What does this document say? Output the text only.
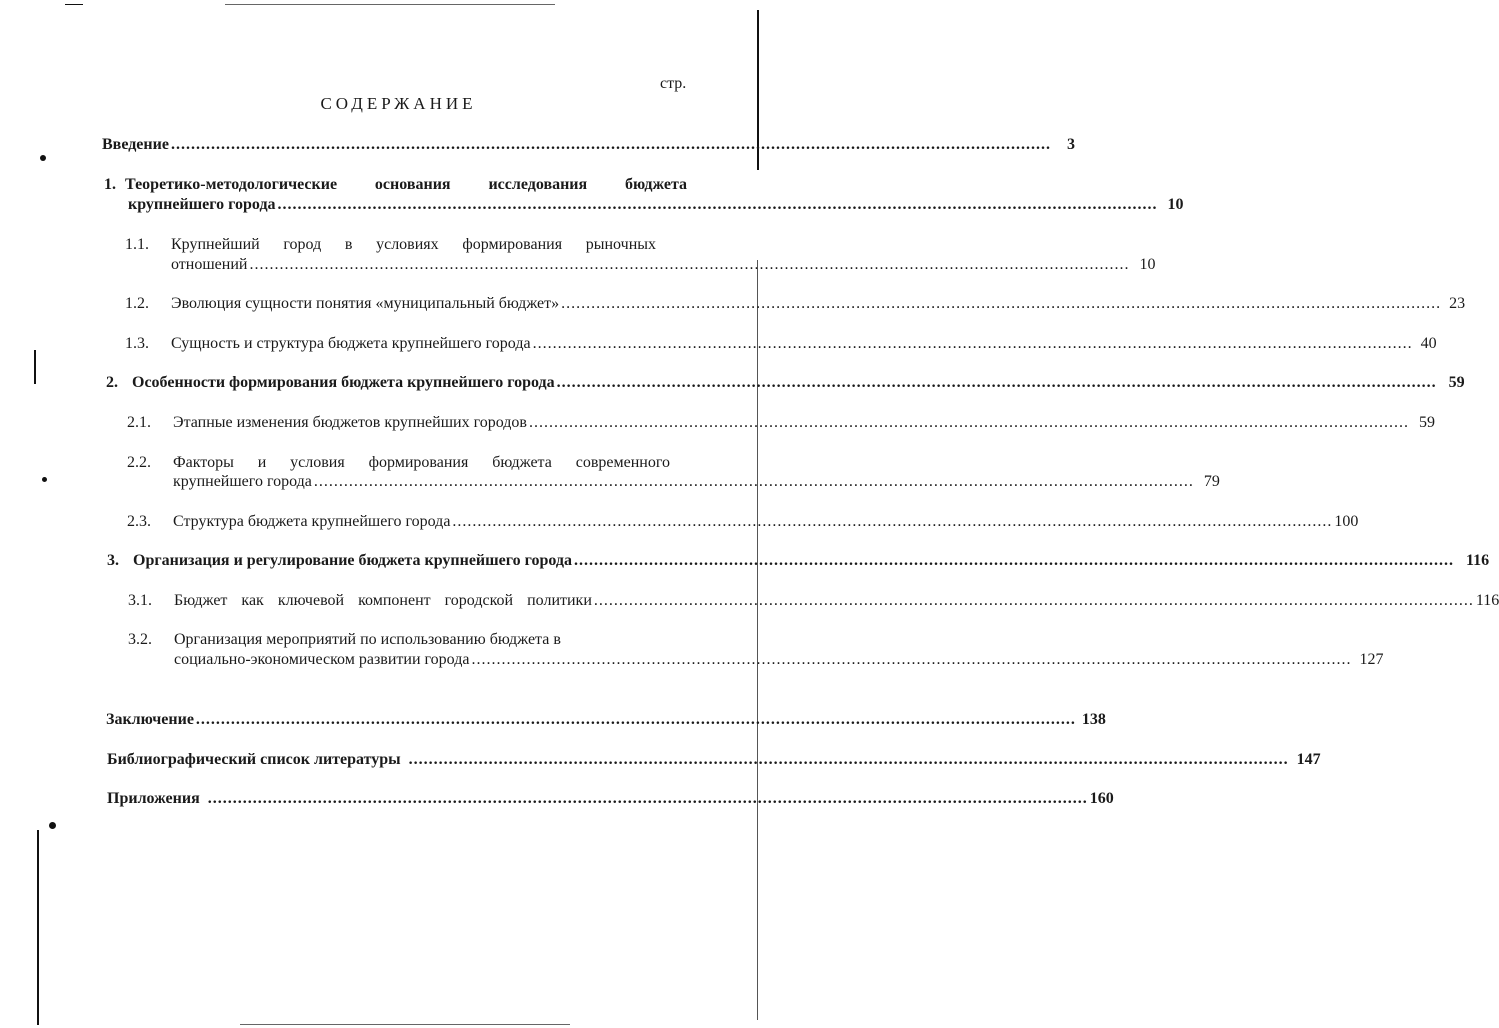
стр.
СОДЕРЖАНИЕ
Введение ................................................................................................................................................................................ 3
1. Теоретико-методологические основания исследования бюджета
крупнейшего города ................................................................................................................................................................................ 10
1.1. Крупнейший город в условиях формирования рыночных
отношений ................................................................................................................................................................................ 10
1.2. Эволюция сущности понятия «муниципальный бюджет» ................................................................................................................................................................................ 23
1.3. Сущность и структура бюджета крупнейшего города ................................................................................................................................................................................ 40
2. Особенности формирования бюджета крупнейшего города ................................................................................................................................................................................ 59
2.1. Этапные изменения бюджетов крупнейших городов ................................................................................................................................................................................ 59
2.2. Факторы и условия формирования бюджета современного
крупнейшего города ................................................................................................................................................................................ 79
2.3. Структура бюджета крупнейшего города ................................................................................................................................................................................ 100
3. Организация и регулирование бюджета крупнейшего города ................................................................................................................................................................................ 116
3.1. Бюджет как ключевой компонент городской политики ................................................................................................................................................................................ 116
3.2. Организация мероприятий по использованию бюджета в
социально-экономическом развитии города ................................................................................................................................................................................ 127
Заключение ................................................................................................................................................................................ 138
Библиографический список литературы ................................................................................................................................................................................ 147
Приложения ................................................................................................................................................................................ 160
